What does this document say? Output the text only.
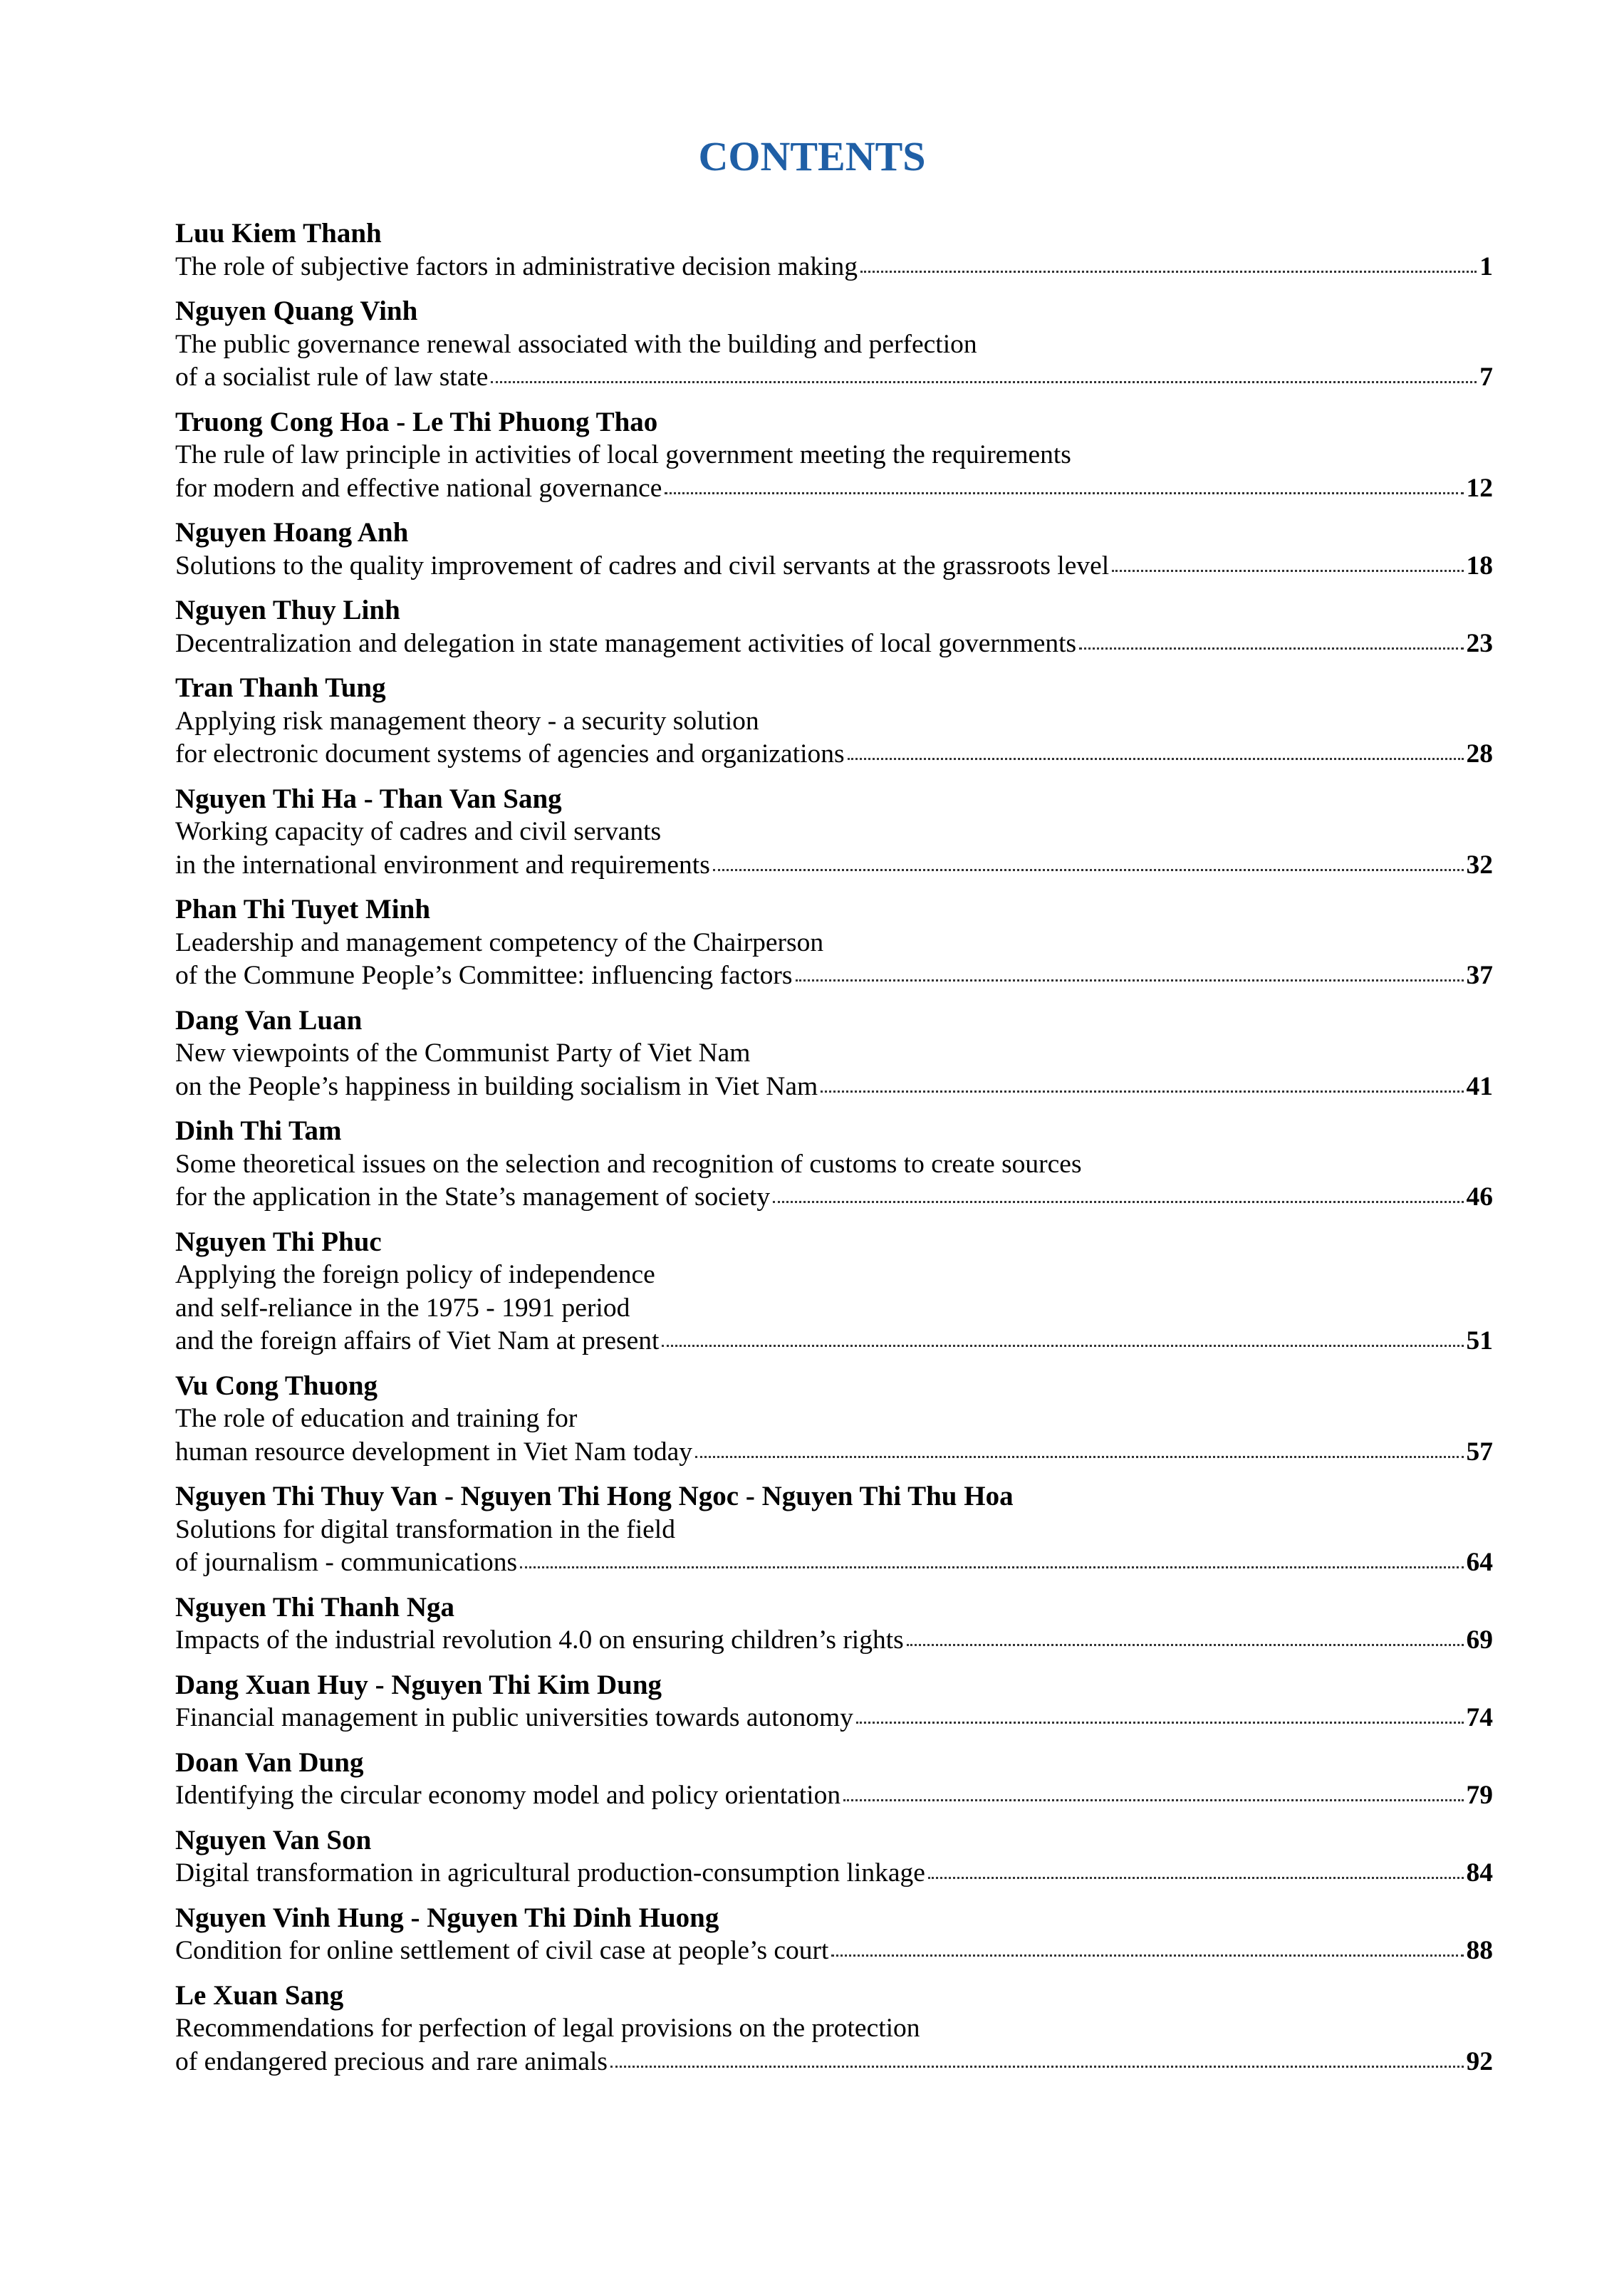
CONTENTS
Luu Kiem Thanh
The role of subjective factors in administrative decision making	1
Nguyen Quang Vinh
The public governance renewal associated with the building and perfection
of a socialist rule of law state	7
Truong Cong Hoa - Le Thi Phuong Thao
The rule of law principle in activities of local government meeting the requirements
for modern and effective national governance	12
Nguyen Hoang Anh
Solutions to the quality improvement of cadres and civil servants at the grassroots level	18
Nguyen Thuy Linh
Decentralization and delegation in state management activities of local governments	23
Tran Thanh Tung
Applying risk management theory - a security solution
for electronic document systems of agencies and organizations	28
Nguyen Thi Ha - Than Van Sang
Working capacity of cadres and civil servants
in the international environment and requirements	32
Phan Thi Tuyet Minh
Leadership and management competency of the Chairperson
of the Commune People’s Committee: influencing factors	37
Dang Van Luan
New viewpoints of the Communist Party of Viet Nam
on the People’s happiness in building socialism in Viet Nam	41
Dinh Thi Tam
Some theoretical issues on the selection and recognition of customs to create sources
for the application in the State’s management of society	46
Nguyen Thi Phuc
Applying the foreign policy of independence
and self-reliance in the 1975 - 1991 period
and the foreign affairs of Viet Nam at present	51
Vu Cong Thuong
The role of education and training for
human resource development in Viet Nam today	57
Nguyen Thi Thuy Van - Nguyen Thi Hong Ngoc - Nguyen Thi Thu Hoa
Solutions for digital transformation in the field
of journalism - communications	64
Nguyen Thi Thanh Nga
Impacts of the industrial revolution 4.0 on ensuring children’s rights	69
Dang Xuan Huy - Nguyen Thi Kim Dung
Financial management in public universities towards autonomy	74
Doan Van Dung
Identifying the circular economy model and policy orientation	79
Nguyen Van Son
Digital transformation in agricultural production-consumption linkage	84
Nguyen Vinh Hung - Nguyen Thi Dinh Huong
Condition for online settlement of civil case at people’s court	88
Le Xuan Sang
Recommendations for perfection of legal provisions on the protection
of endangered precious and rare animals	92
